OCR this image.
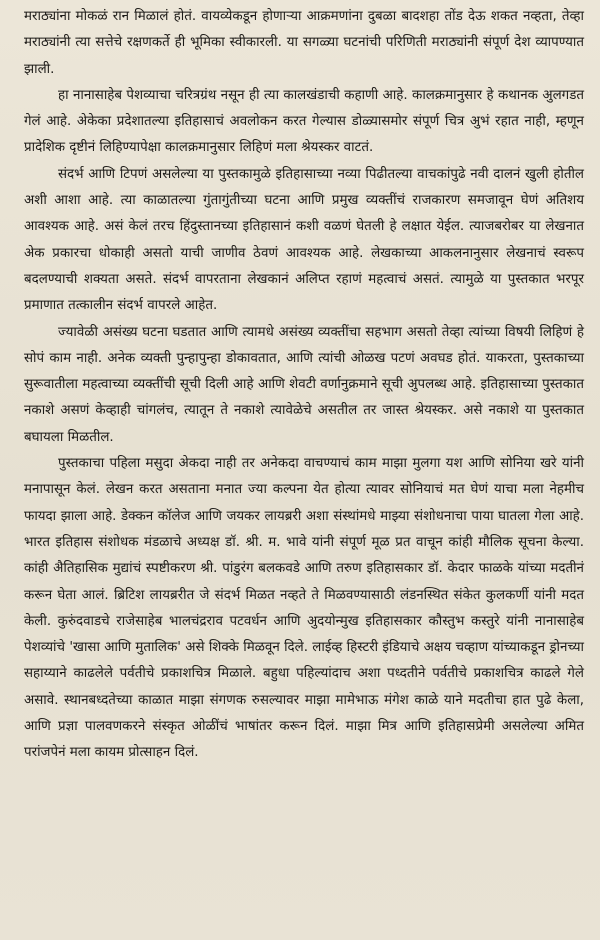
मराठ्यांना मोकळं रान मिळालं होतं. वायव्येकडून होणाऱ्या आक्रमणांना दुबळा बादशहा तोंड देऊ शकत नव्हता, तेव्हा मराठ्यांनी त्या सत्तेचे रक्षणकर्ते ही भूमिका स्वीकारली. या सगळ्या घटनांची परिणिती मराठ्यांनी संपूर्ण देश व्यापण्यात झाली.

हा नानासाहेब पेशव्याचा चरित्रग्रंथ नसून ही त्या कालखंडाची कहाणी आहे. कालक्रमानुसार हे कथानक अुलगडत गेलं आहे. अेकेका प्रदेशातल्या इतिहासाचं अवलोकन करत गेल्यास डोळ्यासमोर संपूर्ण चित्र अुभं रहात नाही, म्हणून प्रादेशिक दृष्टीनं लिहिण्यापेक्षा कालक्रमानुसार लिहिणं मला श्रेयस्कर वाटतं.

संदर्भ आणि टिपणं असलेल्या या पुस्तकामुळे इतिहासाच्या नव्या पिढीतल्या वाचकांपुढे नवी दालनं खुली होतील अशी आशा आहे. त्या काळातल्या गुंतागुंतीच्या घटना आणि प्रमुख व्यक्तींचं राजकारण समजावून घेणं अतिशय आवश्यक आहे. असं केलं तरच हिंदुस्तानच्या इतिहासानं कशी वळणं घेतली हे लक्षात येईल. त्याजबरोबर या लेखनात अेक प्रकारचा धोकाही असतो याची जाणीव ठेवणं आवश्यक आहे. लेखकाच्या आकलनानुसार लेखनाचं स्वरूप बदलण्याची शक्यता असते. संदर्भ वापरताना लेखकानं अलिप्त रहाणं महत्वाचं असतं. त्यामुळे या पुस्तकात भरपूर प्रमाणात तत्कालीन संदर्भ वापरले आहेत.

ज्यावेळी असंख्य घटना घडतात आणि त्यामधे असंख्य व्यक्तींचा सहभाग असतो तेव्हा त्यांच्या विषयी लिहिणं हे सोपं काम नाही. अनेक व्यक्ती पुन्हापुन्हा डोकावतात, आणि त्यांची ओळख पटणं अवघड होतं. याकरता, पुस्तकाच्या सुरूवातीला महत्वाच्या व्यक्तींची सूची दिली आहे आणि शेवटी वर्णानुक्रमाने सूची अुपलब्ध आहे. इतिहासाच्या पुस्तकात नकाशे असणं केव्हाही चांगलंच, त्यातून ते नकाशे त्यावेळेचे असतील तर जास्त श्रेयस्कर. असे नकाशे या पुस्तकात बघायला मिळतील.

पुस्तकाचा पहिला मसुदा अेकदा नाही तर अनेकदा वाचण्याचं काम माझा मुलगा यश आणि सोनिया खरे यांनी मनापासून केलं. लेखन करत असताना मनात ज्या कल्पना येत होत्या त्यावर सोनियाचं मत घेणं याचा मला नेहमीच फायदा झाला आहे. डेक्कन कॉलेज आणि जयकर लायब्ररी अशा संस्थांमधे माझ्या संशोधनाचा पाया घातला गेला आहे. भारत इतिहास संशोधक मंडळाचे अध्यक्ष डॉ. श्री. म. भावे यांनी संपूर्ण मूळ प्रत वाचून कांही मौलिक सूचना केल्या. कांही अैतिहासिक मुद्यांचं स्पष्टीकरण श्री. पांडुरंग बलकवडे आणि तरुण इतिहासकार डॉ. केदार फाळके यांच्या मदतीनं करून घेता आलं. ब्रिटिश लायब्ररीत जे संदर्भ मिळत नव्हते ते मिळवण्यासाठी लंडनस्थित संकेत कुलकर्णी यांनी मदत केली. कुरुंदवाडचे राजेसाहेब भालचंद्रराव पटवर्धन आणि अुदयोन्मुख इतिहासकार कौस्तुभ कस्तुरे यांनी नानासाहेब पेशव्यांचे 'खासा आणि मुतालिक' असे शिक्के मिळवून दिले. लाईव्ह हिस्टरी इंडियाचे अक्षय चव्हाण यांच्याकडून ड्रोनच्या सहाय्याने काढलेले पर्वतीचे प्रकाशचित्र मिळाले. बहुधा पहिल्यांदाच अशा पध्दतीने पर्वतीचे प्रकाशचित्र काढले गेले असावे. स्थानबध्दतेच्या काळात माझा संगणक रुसल्यावर माझा मामेभाऊ मंगेश काळे याने मदतीचा हात पुढे केला, आणि प्रज्ञा पालवणकरने संस्कृत ओळींचं भाषांतर करून दिलं. माझा मित्र आणि इतिहासप्रेमी असलेल्या अमित परांजपेनं मला कायम प्रोत्साहन दिलं.
